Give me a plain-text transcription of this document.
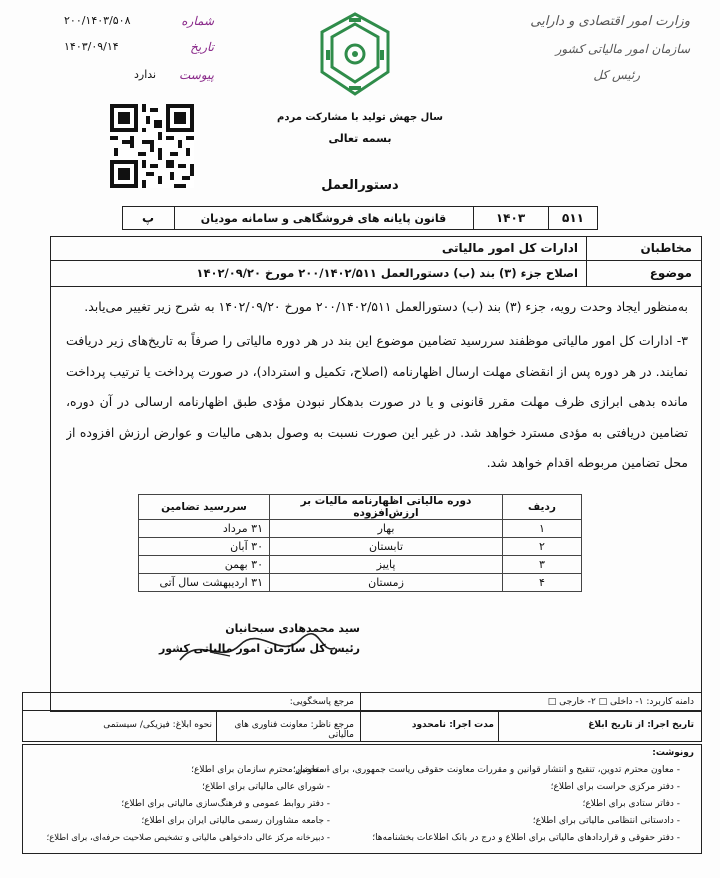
وزارت امور اقتصادی و دارایی
سازمان امور مالیاتی کشور
رئیس کل
شماره
۲۰۰/۱۴۰۳/۵۰۸
تاریخ
۱۴۰۳/۰۹/۱۴
پیوست
ندارد
سال جهش تولید با مشارکت مردم
بسمه تعالی
دستورالعمل
۵۱۱
۱۴۰۳
قانون پایانه های فروشگاهی و سامانه مودیان
پ
مخاطبان
ادارات کل امور مالیاتی
موضوع
اصلاح جزء (۳) بند (ب) دستورالعمل ۲۰۰/۱۴۰۲/۵۱۱ مورخ ۱۴۰۲/۰۹/۲۰
به‌منظور ایجاد وحدت رویه، جزء (۳) بند (ب) دستورالعمل ۲۰۰/۱۴۰۲/۵۱۱ مورخ ۱۴۰۲/۰۹/۲۰ به شرح زیر تغییر می‌یابد.
۳- ادارات کل امور مالیاتی موظفند سررسید تضامین موضوع این بند در هر دوره مالیاتی را صرفاً به تاریخ‌های زیر دریافت نمایند. در هر دوره پس از انقضای مهلت ارسال اظهارنامه (اصلاح، تکمیل و استرداد)، در صورت پرداخت یا ترتیب پرداخت مانده بدهی ابرازی ظرف مهلت مقرر قانونی و یا در صورت بدهکار نبودن مؤدی طبق اظهارنامه ارسالی در آن دوره، تضامین دریافتی به مؤدی مسترد خواهد شد. در غیر این صورت نسبت به وصول بدهی مالیات و عوارض ارزش افزوده از محل تضامین مربوطه اقدام خواهد شد.
ردیف	دوره مالیاتی اظهارنامه مالیات بر ارزش‌افزوده	سررسید تضامین
۱	بهار	۳۱ مرداد
۲	تابستان	۳۰ آبان
۳	پاییز	۳۰ بهمن
۴	زمستان	۳۱ اردیبهشت سال آتی
سید محمدهادی سبحانیان
رئیس کل سازمان امور مالیاتی کشور
دامنه کاربرد: ۱- داخلی □ ۲- خارجی □
مرجع پاسخگویی:
تاریخ اجرا: از تاریخ ابلاغ
مدت اجرا: نامحدود
مرجع ناظر: معاونت فناوری های مالیاتی
نحوه ابلاغ: فیزیکی/ سیستمی
رونوشت:
- معاون محترم تدوین، تنقیح و انتشار قوانین و مقررات معاونت حقوقی ریاست جمهوری، برای استحضار؛
- دفتر مرکزی حراست برای اطلاع؛
- دفاتر ستادی برای اطلاع؛
- دادستانی انتظامی مالیاتی برای اطلاع؛
- دفتر حقوقی و قراردادهای مالیاتی برای اطلاع و درج در بانک اطلاعات بخشنامه‌ها؛
- معاونین محترم سازمان برای اطلاع؛
- شورای عالی مالیاتی برای اطلاع؛
- دفتر روابط عمومی و فرهنگ‌سازی مالیاتی برای اطلاع؛
- جامعه مشاوران رسمی مالیاتی ایران برای اطلاع؛
- دبیرخانه مرکز عالی دادخواهی مالیاتی و تشخیص صلاحیت حرفه‌ای، برای اطلاع؛
